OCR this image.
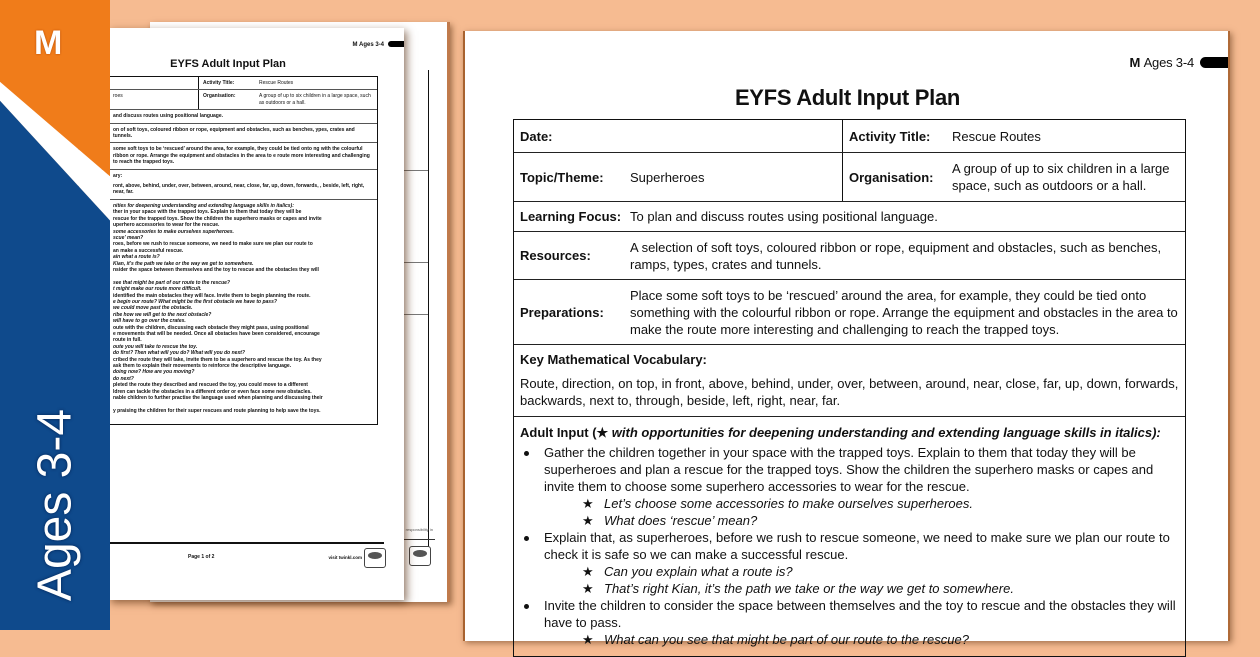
responsibility in
M Ages 3-4
EYFS Adult Input Plan
Activity Title:	Rescue Routes
roes	Organisation:	A group of up to six children in a large space, such as outdoors or a hall.
and discuss routes using positional language.
on of soft toys, coloured ribbon or rope, equipment and obstacles, such as benches, ypes, crates and tunnels.
some soft toys to be ‘rescued’ around the area, for example, they could be tied onto ng with the colourful ribbon or rope. Arrange the equipment and obstacles in the area to e route more interesting and challenging to reach the trapped toys.
ary:
ront, above, behind, under, over, between, around, near, close, far, up, down, forwards, , beside, left, right, near, far.
nities for deepening understanding and extending language skills in italics):
ther in your space with the trapped toys. Explain to them that today they will be
rescue for the trapped toys. Show the children the superhero masks or capes and invite
uperhero accessories to wear for the rescue.
some accessories to make ourselves superheroes.
scue’ mean?
roes, before we rush to rescue someone, we need to make sure we plan our route to
an make a successful rescue.
ain what a route is?
Kian, it’s the path we take or the way we get to somewhere.
nsider the space between themselves and the toy to rescue and the obstacles they will
see that might be part of our route to the rescue?
t might make our route more difficult.
identified the main obstacles they will face. Invite them to begin planning the route.
e begin our route? What might be the first obstacle we have to pass?
we could move past the obstacle.
ribe how we will get to the next obstacle?
will have to go over the crates.
oute with the children, discussing each obstacle they might pass, using positional
e movements that will be needed. Once all obstacles have been considered, encourage
route in full.
oute you will take to rescue the toy.
do first? Then what will you do? What will you do next?
cribed the route they will take, invite them to be a superhero and rescue the toy. As they
ask them to explain their movements to reinforce the descriptive language.
doing now? How are you moving?
do next?
pleted the route they described and rescued the toy, you could move to a different
ldren can tackle the obstacles in a different order or even face some new obstacles.
nable children to further practise the language used when planning and discussing their
y praising the children for their super rescues and route planning to help save the toys.
Page 1 of 2	visit twinkl.com
M
Ages 3-4
M Ages 3-4
EYFS Adult Input Plan
Date:	Activity Title:	Rescue Routes
Topic/Theme:	Superheroes	Organisation:
A group of up to six children in a large space, such as outdoors or a hall.
Learning Focus: To plan and discuss routes using positional language.
Resources:
A selection of soft toys, coloured ribbon or rope, equipment and obstacles, such as benches, ramps, types, crates and tunnels.
Preparations:
Place some soft toys to be ‘rescued’ around the area, for example, they could be tied onto something with the colourful ribbon or rope. Arrange the equipment and obstacles in the area to make the route more interesting and challenging to reach the trapped toys.
Key Mathematical Vocabulary:
Route, direction, on top, in front, above, behind, under, over, between, around, near, close, far, up, down, forwards, backwards, next to, through, beside, left, right, near, far.
Adult Input (★ with opportunities for deepening understanding and extending language skills in italics):
Gather the children together in your space with the trapped toys. Explain to them that today they will be superheroes and plan a rescue for the trapped toys. Show the children the superhero masks or capes and invite them to choose some superhero accessories to wear for the rescue.
★ Let’s choose some accessories to make ourselves superheroes.
★ What does ‘rescue’ mean?
Explain that, as superheroes, before we rush to rescue someone, we need to make sure we plan our route to check it is safe so we can make a successful rescue.
★ Can you explain what a route is?
★ That’s right Kian, it’s the path we take or the way we get to somewhere.
Invite the children to consider the space between themselves and the toy to rescue and the obstacles they will have to pass.
★ What can you see that might be part of our route to the rescue?
